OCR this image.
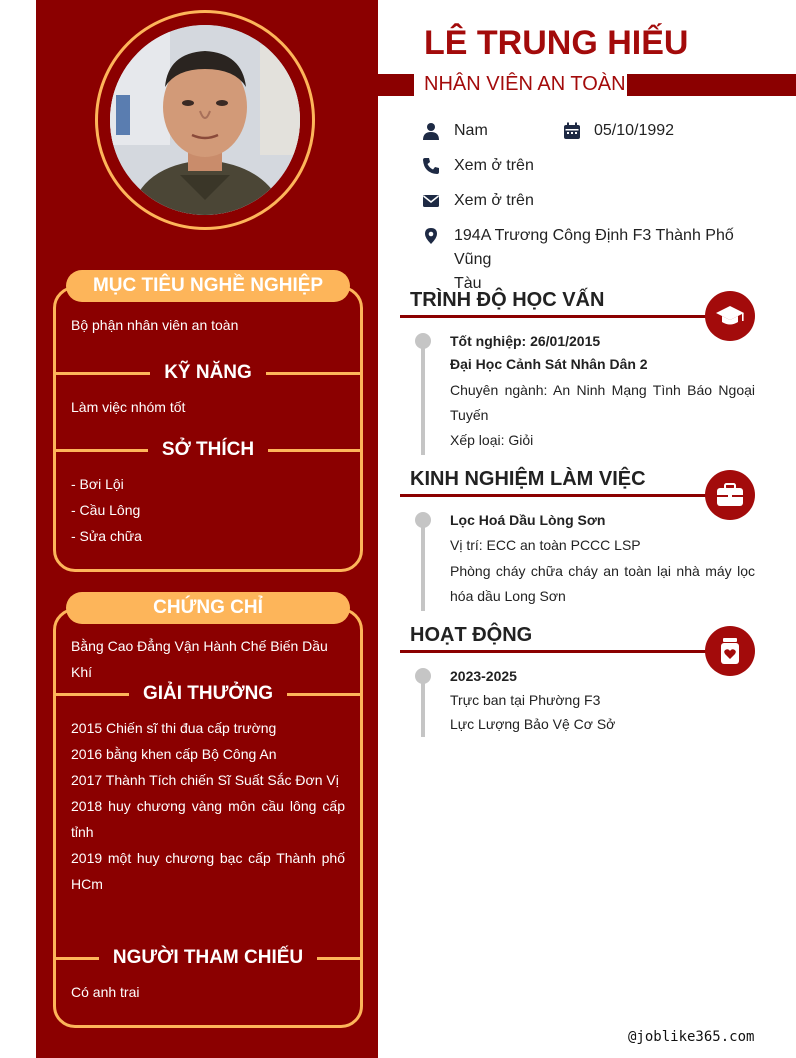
MỤC TIÊU NGHỀ NGHIỆP
Bộ phận nhân viên an toàn
KỸ NĂNG
Làm việc nhóm tốt
SỞ THÍCH
- Bơi Lội
- Cầu Lông
- Sửa chữa
CHỨNG CHỈ
Bằng Cao Đẳng Vận Hành Chế Biến Dầu Khí
GIẢI THƯỞNG
2015 Chiến sĩ thi đua cấp trường
2016 bằng khen cấp Bộ Công An
2017 Thành Tích chiến Sĩ Suất Sắc Đơn Vị
2018 huy chương vàng môn cầu lông cấp
tỉnh
2019 một huy chương bạc cấp Thành phố
HCm
NGƯỜI THAM CHIẾU
Có anh trai
LÊ TRUNG HIẾU
NHÂN VIÊN AN TOÀN
Nam	05/10/1992
Xem ở trên
Xem ở trên
194A Trương Công Định F3 Thành Phố Vũng
Tàu
TRÌNH ĐỘ HỌC VẤN
Tốt nghiệp: 26/01/2015
Đại Học Cảnh Sát Nhân Dân 2
Chuyên ngành: An Ninh Mạng Tình Báo Ngoại
Tuyến
Xếp loại: Giỏi
KINH NGHIỆM LÀM VIỆC
Lọc Hoá Dầu Lòng Sơn
Vị trí: ECC an toàn PCCC LSP
Phòng cháy chữa cháy an toàn lại nhà máy lọc
hóa dầu Long Sơn
HOẠT ĐỘNG
2023-2025
Trực ban tại Phường F3
Lực Lượng Bảo Vệ Cơ Sở
@joblike365.com
